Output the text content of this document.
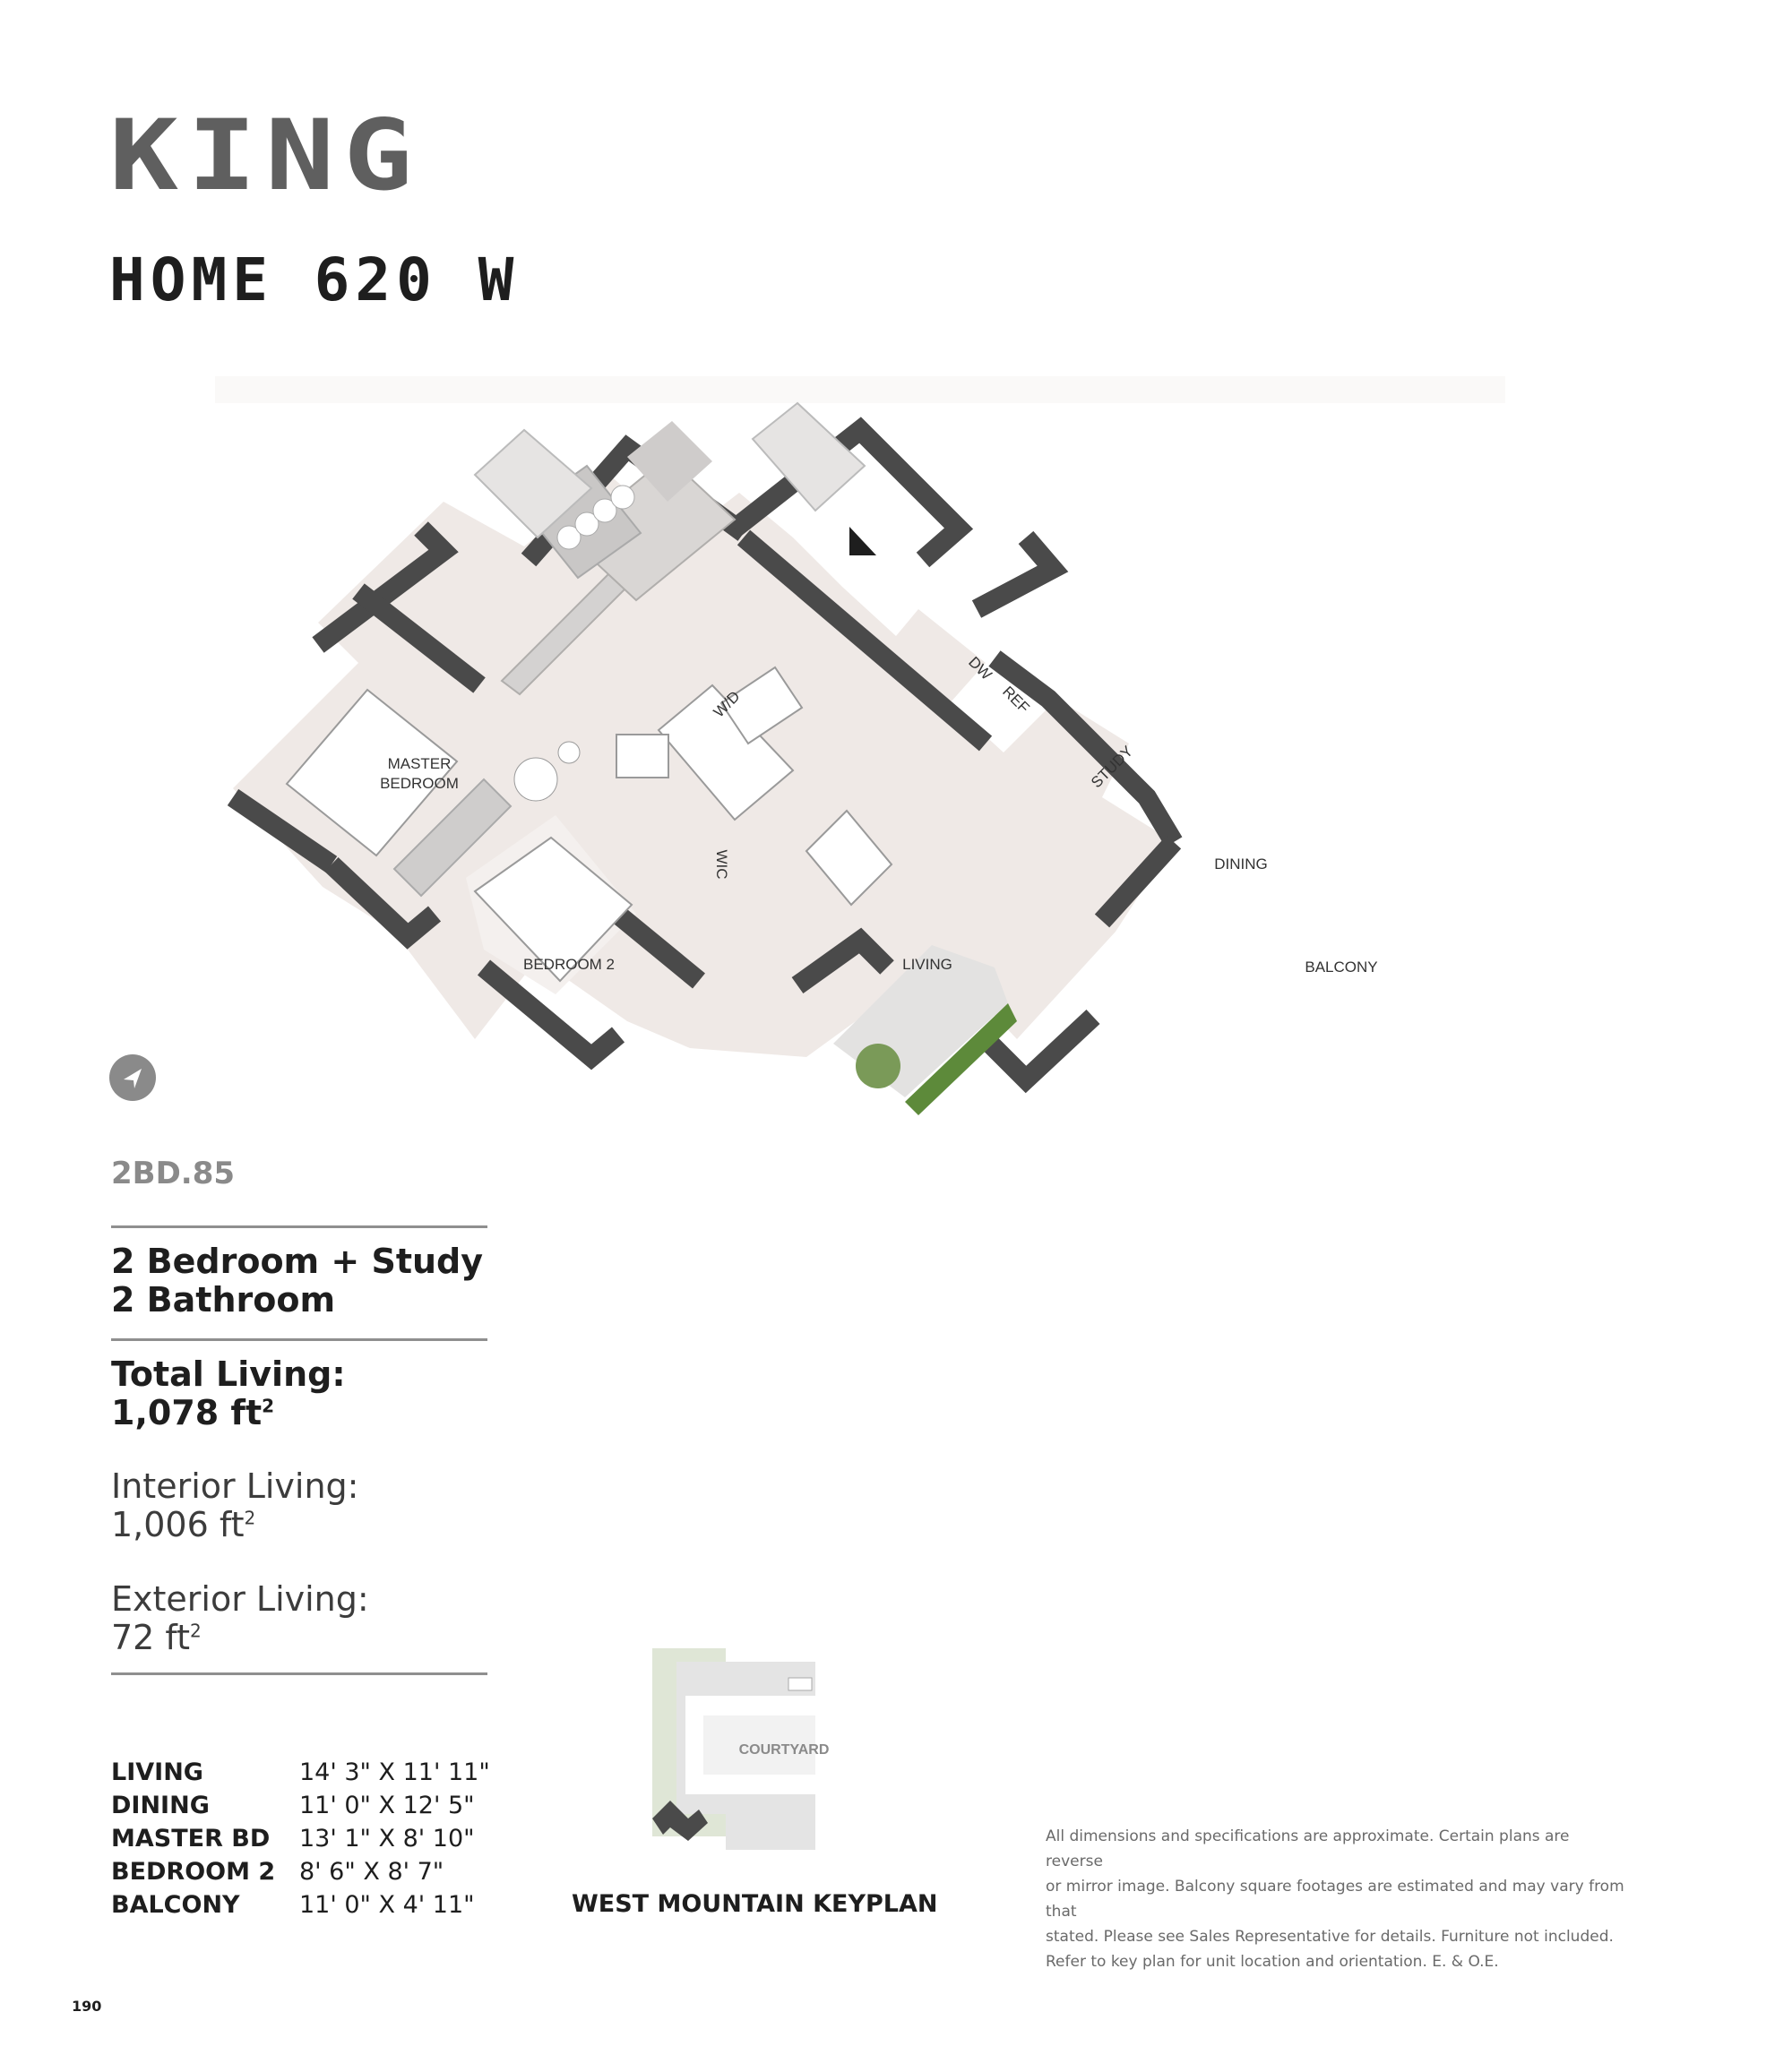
KING
HOME 620 W
MASTER
BEDROOM
BEDROOM 2	LIVING
DINING
BALCONY
STUDY
REF
DW
W/D
WIC
2BD.85
2 Bedroom + Study
2 Bathroom
Total Living:
1,078 $ft^2$
Interior Living:
1,006 $ft^2$
Exterior Living:
72 $ft^2$
LIVING	14' 3" X 11' 11"
DINING	11' 0" X 12' 5"
MASTER BD	13' 1" X 8' 10"
BEDROOM 2 8' 6" X 8' 7"
BALCONY	11' 0" X 4' 11"
COURTYARD
WEST MOUNTAIN KEYPLAN
All dimensions and specifications are approximate. Certain plans are reverse
or mirror image. Balcony square footages are estimated and may vary from that
stated. Please see Sales Representative for details. Furniture not included.
Refer to key plan for unit location and orientation. E. & O.E.
190
